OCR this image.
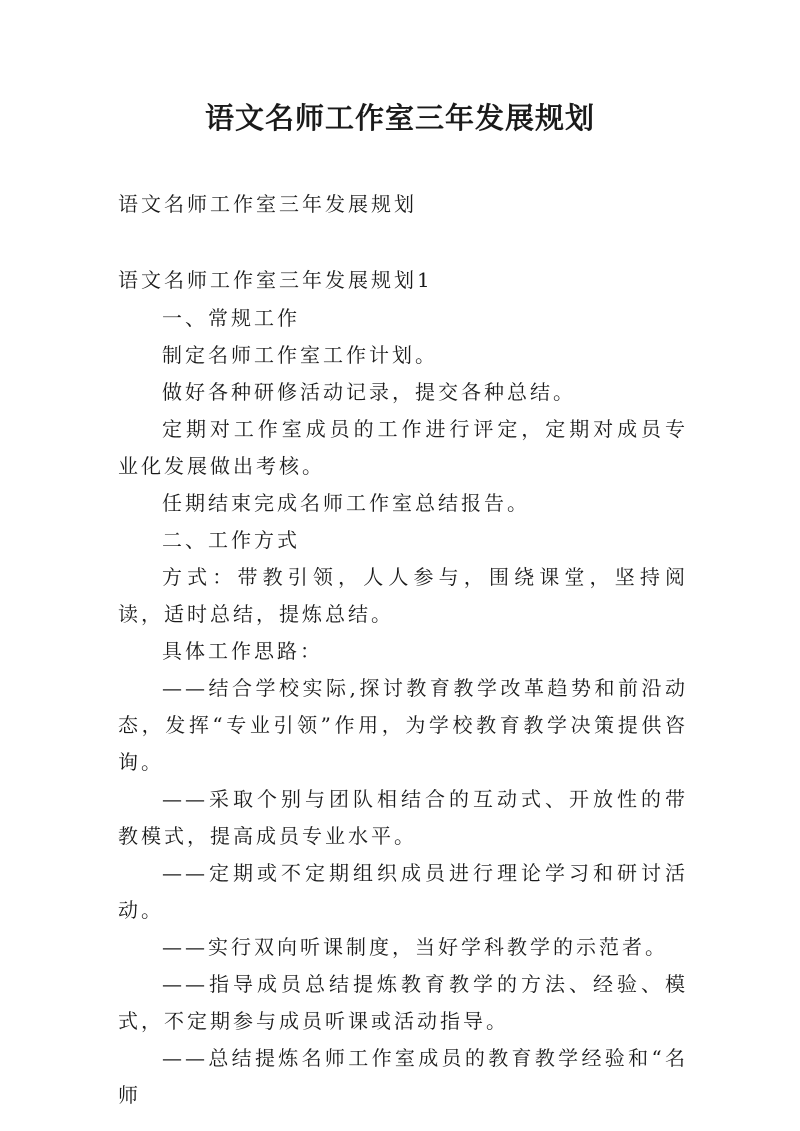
语文名师工作室三年发展规划

语文名师工作室三年发展规划

语文名师工作室三年发展规划1

一、常规工作

制定名师工作室工作计划。

做好各种研修活动记录，提交各种总结。

定期对工作室成员的工作进行评定，定期对成员专业化发展做出考核。

任期结束完成名师工作室总结报告。

二、工作方式

方式：带教引领，人人参与，围绕课堂，坚持阅读，适时总结，提炼总结。

具体工作思路：

——结合学校实际,探讨教育教学改革趋势和前沿动态，发挥“专业引领”作用，为学校教育教学决策提供咨询。

——采取个别与团队相结合的互动式、开放性的带教模式，提高成员专业水平。

——定期或不定期组织成员进行理论学习和研讨活动。

——实行双向听课制度，当好学科教学的示范者。

——指导成员总结提炼教育教学的方法、经验、模式，不定期参与成员听课或活动指导。

——总结提炼名师工作室成员的教育教学经验和“名师
